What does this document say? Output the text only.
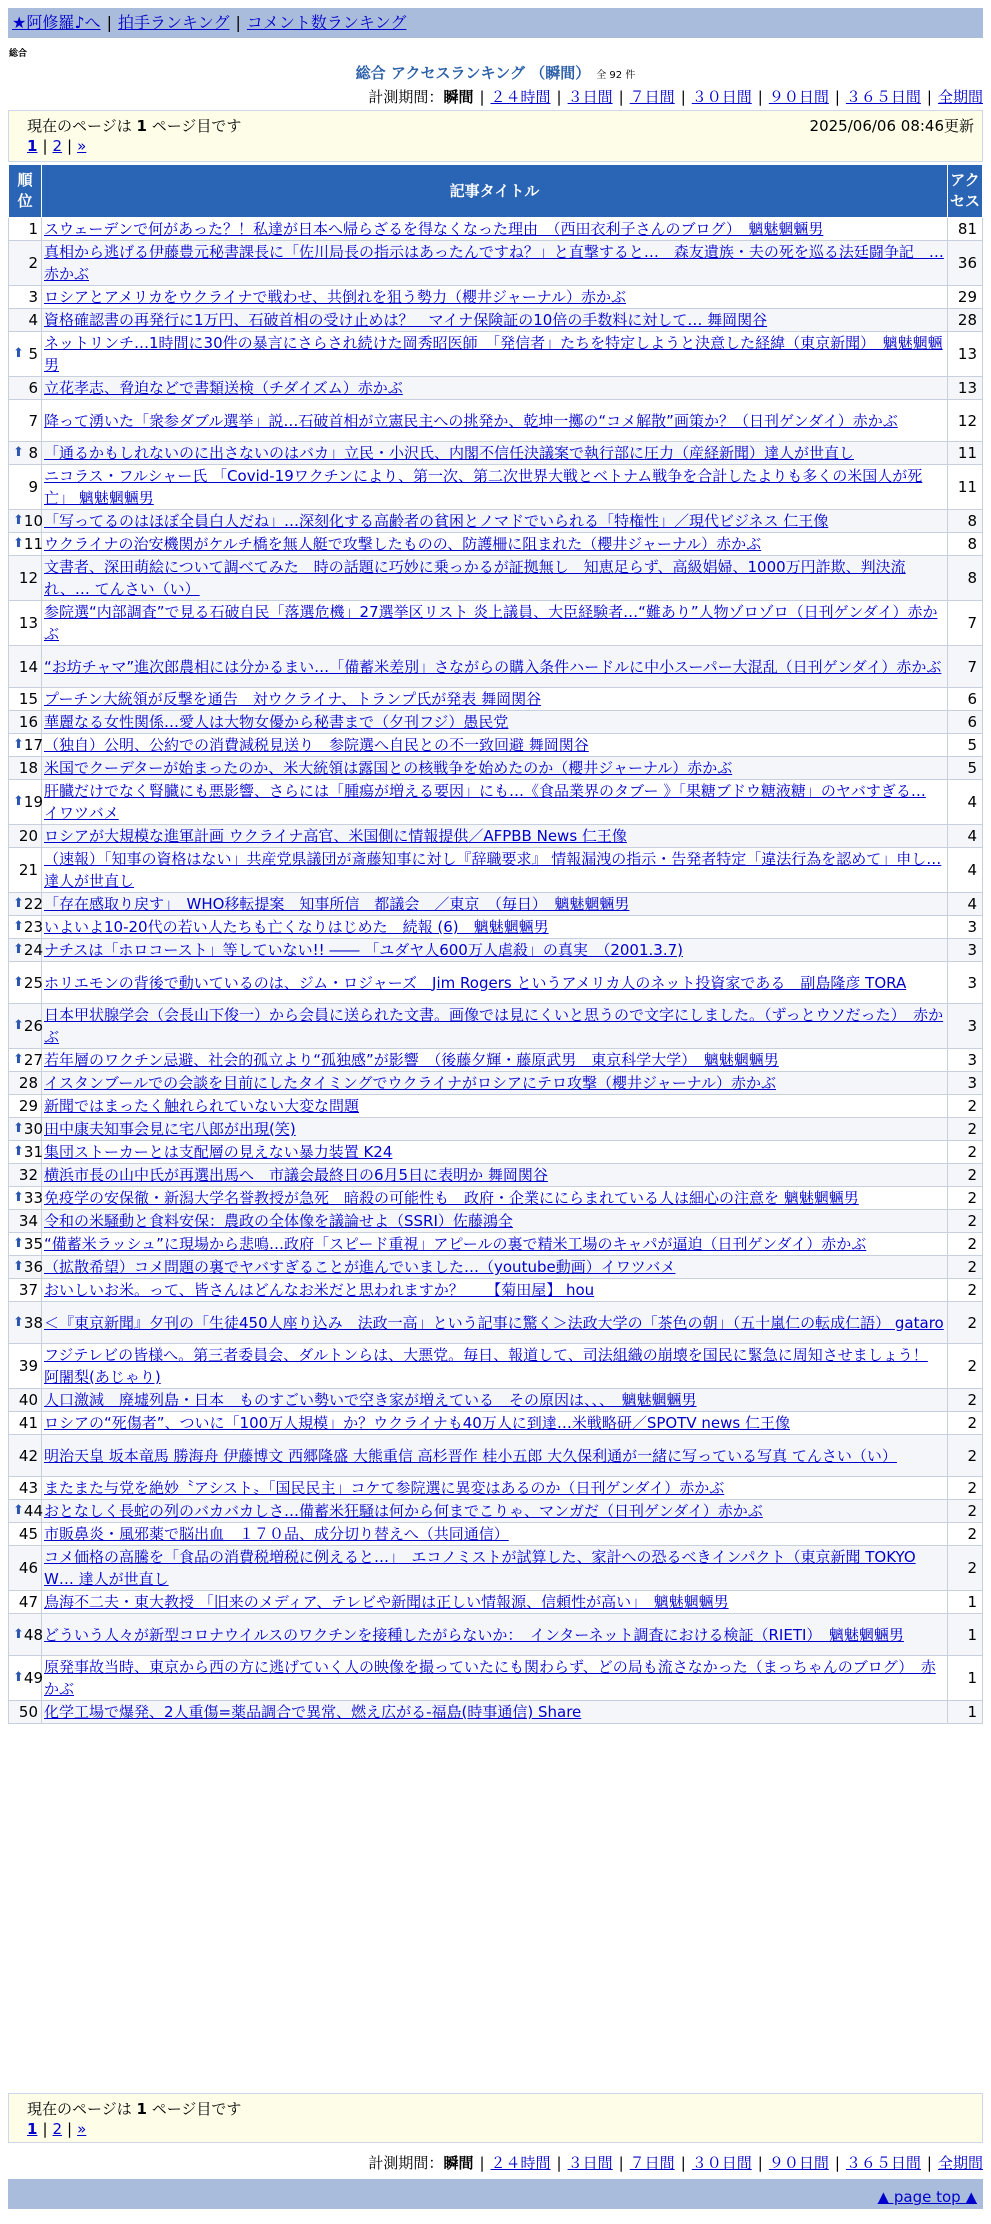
★阿修羅♪へ | 拍手ランキング | コメント数ランキング
総合
総合 アクセスランキング （瞬間） 全 92 件
計測期間：瞬間 | ２４時間 | ３日間 | ７日間 | ３０日間 | ９０日間 | ３６５日間 | 全期間
現在のページは 1 ページ目です	2025/06/06 08:46更新
1 | 2 | »
順位	記事タイトル	アクセス
1	スウェーデンで何があった？！私達が日本へ帰らざるを得なくなった理由　（西田衣利子さんのブログ）　魑魅魍魎男	81
2	真相から逃げる伊藤豊元秘書課長に「佐川局長の指示はあったんですね？」と直撃すると…　森友遺族・夫の死を巡る法廷闘争記　… 赤かぶ	36
3	ロシアとアメリカをウクライナで戦わせ、共倒れを狙う勢力（櫻井ジャーナル）赤かぶ	29
4	資格確認書の再発行に1万円、石破首相の受け止めは？　マイナ保険証の10倍の手数料に対して… 舞岡関谷	28

⬆ 5	ネットリンチ…1時間に30件の暴言にさらされ続けた岡秀昭医師　「発信者」たちを特定しようと決意した経緯（東京新聞）　魑魅魍魎男	13
6	立花孝志、脅迫などで書類送検（チダイズム）赤かぶ	13
7	降って湧いた「衆参ダブル選挙」説…石破首相が立憲民主への挑発か、乾坤一擲の“コメ解散”画策か？（日刊ゲンダイ）赤かぶ	12

⬆ 8	「通るかもしれないのに出さないのはバカ」立民・小沢氏、内閣不信任決議案で執行部に圧力（産経新聞）達人が世直し	11
9	ニコラス・フルシャー氏 「Covid-19ワクチンにより、第一次、第二次世界大戦とベトナム戦争を合計したよりも多くの米国人が死亡」 魑魅魍魎男	11

⬆ 10	「写ってるのはほぼ全員白人だね」…深刻化する高齢者の貧困とノマドでいられる「特権性」／現代ビジネス 仁王像	8

⬆ 11	ウクライナの治安機関がケルチ橋を無人艇で攻撃したものの、防護柵に阻まれた（櫻井ジャーナル）赤かぶ	8
12	文書者、深田萌絵について調べてみた　時の話題に巧妙に乗っかるが証拠無し　知恵足らず、高級娼婦、1000万円詐欺、判決流れ、… てんさい（い）	8
13	参院選“内部調査”で見る石破自民「落選危機」27選挙区リスト 炎上議員、大臣経験者…“難あり”人物ゾロゾロ（日刊ゲンダイ）赤かぶ	7
14	“お坊チャマ”進次郎農相には分かるまい…「備蓄米差別」さながらの購入条件ハードルに中小スーパー大混乱（日刊ゲンダイ）赤かぶ	7
15	プーチン大統領が反撃を通告　対ウクライナ、トランプ氏が発表 舞岡関谷	6
16	華麗なる女性関係…愛人は大物女優から秘書まで（夕刊フジ）愚民党	6

⬆ 17	（独自）公明、公約での消費減税見送り　参院選へ自民との不一致回避 舞岡関谷	5
18	米国でクーデターが始まったのか、米大統領は露国との核戦争を始めたのか（櫻井ジャーナル）赤かぶ	5

⬆ 19	肝臓だけでなく腎臓にも悪影響、さらには「腫瘍が増える要因」にも…《食品業界のタブー 》「果糖ブドウ糖液糖」のヤバすぎる… イワツバメ	4
20	ロシアが大規模な進軍計画 ウクライナ高官、米国側に情報提供／AFPBB News 仁王像	4
21	（速報）「知事の資格はない」共産党県議団が斎藤知事に対し『辞職要求』 情報漏洩の指示・告発者特定「違法行為を認めて」申し… 達人が世直し	4

⬆ 22	「存在感取り戻す」　WHO移転提案　知事所信　都議会　／東京　（毎日）　魑魅魍魎男	4

⬆ 23	いよいよ10-20代の若い人たちも亡くなりはじめた　続報 (6)　魑魅魍魎男	3

⬆ 24	ナチスは「ホロコースト」等していない!! ―― 「ユダヤ人600万人虐殺」の真実　（2001.3.7)	3

⬆ 25	ホリエモンの背後で動いているのは、ジム・ロジャーズ　Jim Rogers というアメリカ人のネット投資家である　副島隆彦 TORA	3

⬆ 26	日本甲状腺学会（会長山下俊一）から会員に送られた文書。画像では見にくいと思うので文字にしました。（ずっとウソだった）　赤かぶ	3

⬆ 27	若年層のワクチン忌避、社会的孤立より“孤独感”が影響　（後藤夕輝・藤原武男　東京科学大学）　魑魅魍魎男	3
28	イスタンブールでの会談を目前にしたタイミングでウクライナがロシアにテロ攻撃（櫻井ジャーナル）赤かぶ	3
29	新聞ではまったく触れられていない大変な問題	2

⬆ 30	田中康夫知事会見に宅八郎が出現(笑)	2

⬆ 31	集団ストーカーとは支配層の見えない暴力装置 K24	2
32	横浜市長の山中氏が再選出馬へ　市議会最終日の6月5日に表明か 舞岡関谷	2

⬆ 33	免疫学の安保徹・新潟大学名誉教授が急死　暗殺の可能性も　政府・企業ににらまれている人は細心の注意を 魑魅魍魎男	2
34	令和の米騒動と食料安保：農政の全体像を議論せよ（SSRI）佐藤鴻全	2

⬆ 35	“備蓄米ラッシュ”に現場から悲鳴…政府「スピード重視」アピールの裏で精米工場のキャパが逼迫（日刊ゲンダイ）赤かぶ	2

⬆ 36	（拡散希望）コメ問題の裏でヤバすぎることが進んでいました…（youtube動画）イワツバメ	2
37	おいしいお米。って、皆さんはどんなお米だと思われますか？　　【菊田屋】 hou	2

⬆ 38	＜『東京新聞』夕刊の「生徒450人座り込み　法政一高」という記事に驚く＞法政大学の「茶色の朝」（五十嵐仁の転成仁語） gataro	2
39	フジテレビの皆様へ。第三者委員会、ダルトンらは、大悪党。毎日、報道して、司法組織の崩壊を国民に緊急に周知させましょう！ 阿闍梨(あじゃり)	2
40	人口激減　廃墟列島・日本　ものすごい勢いで空き家が増えている　その原因は、、、　魑魅魍魎男	2
41	ロシアの“死傷者”、ついに「100万人規模」か？ウクライナも40万人に到達…米戦略研／SPOTV news 仁王像	2
42	明治天皇 坂本竜馬 勝海舟 伊藤博文 西郷隆盛 大熊重信 高杉晋作 桂小五郎 大久保利通が一緒に写っている写真 てんさい（い）	2
43	またまた与党を絶妙〝アシスト〟「国民民主」コケて参院選に異変はあるのか（日刊ゲンダイ）赤かぶ	2

⬆ 44	おとなしく長蛇の列のバカバカしさ…備蓄米狂騒は何から何までこりゃ、マンガだ（日刊ゲンダイ）赤かぶ	2
45	市販鼻炎・風邪薬で脳出血　１７０品、成分切り替えへ（共同通信）	2
46	コメ価格の高騰を「食品の消費税増税に例えると…」　エコノミストが試算した、家計への恐るべきインパクト（東京新聞 TOKYO W… 達人が世直し	2
47	鳥海不二夫・東大教授 「旧来のメディア、テレビや新聞は正しい情報源、信頼性が高い」　魑魅魍魎男	1

⬆ 48	どういう人々が新型コロナウイルスのワクチンを接種したがらないか：　インターネット調査における検証（RIETI）　魑魅魍魎男	1

⬆ 49	原発事故当時、東京から西の方に逃げていく人の映像を撮っていたにも関わらず、どの局も流さなかった（まっちゃんのブログ）　赤かぶ	1
50	化学工場で爆発、2人重傷=薬品調合で異常、燃え広がる-福島(時事通信) Share	1
現在のページは 1 ページ目です
1 | 2 | »
計測期間：瞬間 | ２４時間 | ３日間 | ７日間 | ３０日間 | ９０日間 | ３６５日間 | 全期間
▲ page top ▲
